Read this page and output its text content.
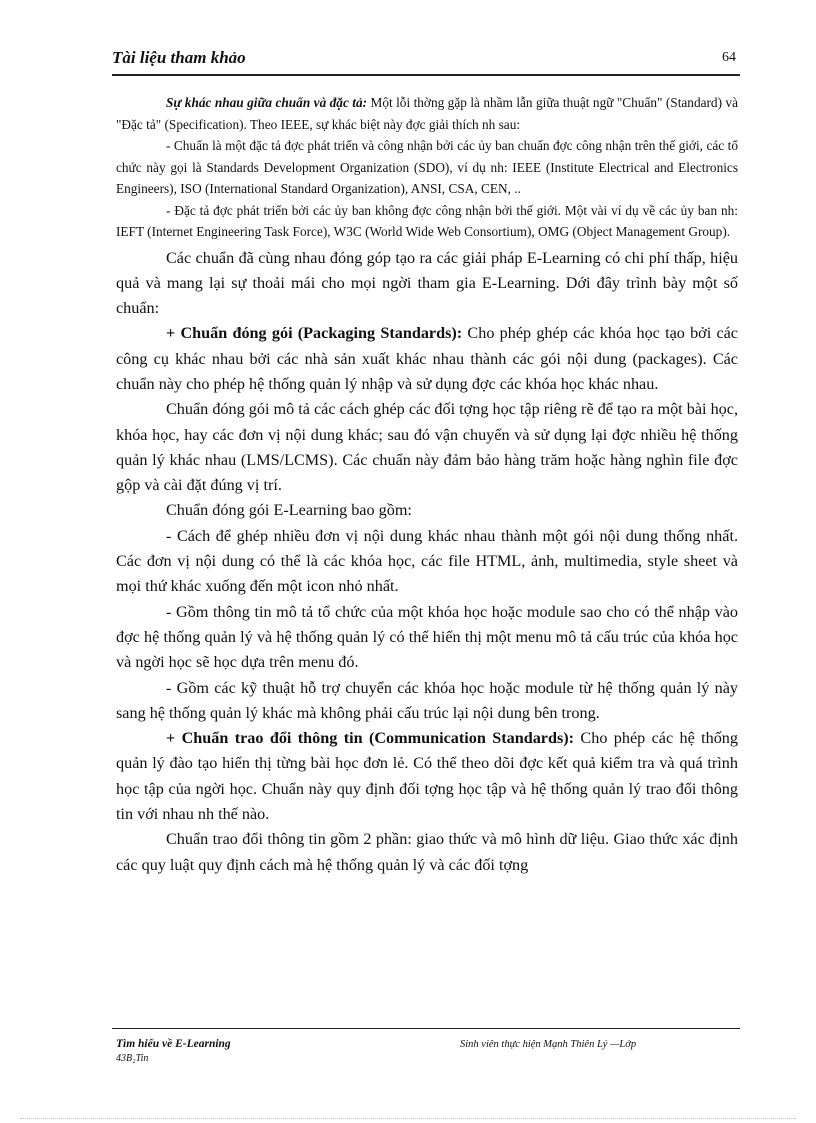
Tài liệu tham khảo	64

Sự khác nhau giữa chuẩn và đặc tả: Một lỗi thờng gặp là nhầm lẫn giữa thuật ngữ "Chuẩn" (Standard) và "Đặc tả" (Specification). Theo IEEE, sự khác biệt này đợc giải thích nh sau:

- Chuẩn là một đặc tả đợc phát triển và công nhận bởi các ủy ban chuẩn đợc công nhận trên thế giới, các tổ chức này gọi là Standards Development Organization (SDO), ví dụ nh: IEEE (Institute Electrical and Electronics Engineers), ISO (International Standard Organization), ANSI, CSA, CEN, ..

- Đặc tả đợc phát triển bởi các ủy ban không đợc công nhận bởi thế giới. Một vài ví dụ về các ủy ban nh: IEFT (Internet Engineering Task Force), W3C (World Wide Web Consortium), OMG (Object Management Group).

Các chuẩn đã cùng nhau đóng góp tạo ra các giải pháp E-Learning có chi phí thấp, hiệu quả và mang lại sự thoải mái cho mọi ngời tham gia E-Learning. Dới đây trình bày một số chuẩn:

+ Chuẩn đóng gói (Packaging Standards): Cho phép ghép các khóa học tạo bởi các công cụ khác nhau bởi các nhà sản xuất khác nhau thành các gói nội dung (packages). Các chuẩn này cho phép hệ thống quản lý nhập và sử dụng đợc các khóa học khác nhau.

Chuẩn đóng gói mô tả các cách ghép các đối tợng học tập riêng rẽ để tạo ra một bài học, khóa học, hay các đơn vị nội dung khác; sau đó vận chuyển và sử dụng lại đợc nhiều hệ thống quản lý khác nhau (LMS/LCMS). Các chuẩn này đảm bảo hàng trăm hoặc hàng nghìn file đợc gộp và cài đặt đúng vị trí.

Chuẩn đóng gói E-Learning bao gồm:

- Cách để ghép nhiều đơn vị nội dung khác nhau thành một gói nội dung thống nhất. Các đơn vị nội dung có thể là các khóa học, các file HTML, ảnh, multimedia, style sheet và mọi thứ khác xuống đến một icon nhỏ nhất.

- Gồm thông tin mô tả tổ chức của một khóa học hoặc module sao cho có thể nhập vào đợc hệ thống quản lý và hệ thống quản lý có thể hiển thị một menu mô tả cấu trúc của khóa học và ngời học sẽ học dựa trên menu đó.

- Gồm các kỹ thuật hỗ trợ chuyển các khóa học hoặc module từ hệ thống quản lý này sang hệ thống quản lý khác mà không phải cấu trúc lại nội dung bên trong.

+ Chuẩn trao đổi thông tin (Communication Standards): Cho phép các hệ thống quản lý đào tạo hiển thị từng bài học đơn lẻ. Có thể theo dõi đợc kết quả kiểm tra và quá trình học tập của ngời học. Chuẩn này quy định đối tợng học tập và hệ thống quản lý trao đổi thông tin với nhau nh thế nào.

Chuẩn trao đổi thông tin gồm 2 phần: giao thức và mô hình dữ liệu. Giao thức xác định các quy luật quy định cách mà hệ thống quản lý và các đối tợng

Tìm hiểu về E-Learning
43B₂Tin
Sinh viên thực hiện Mạnh Thiên Lý —Lớp
